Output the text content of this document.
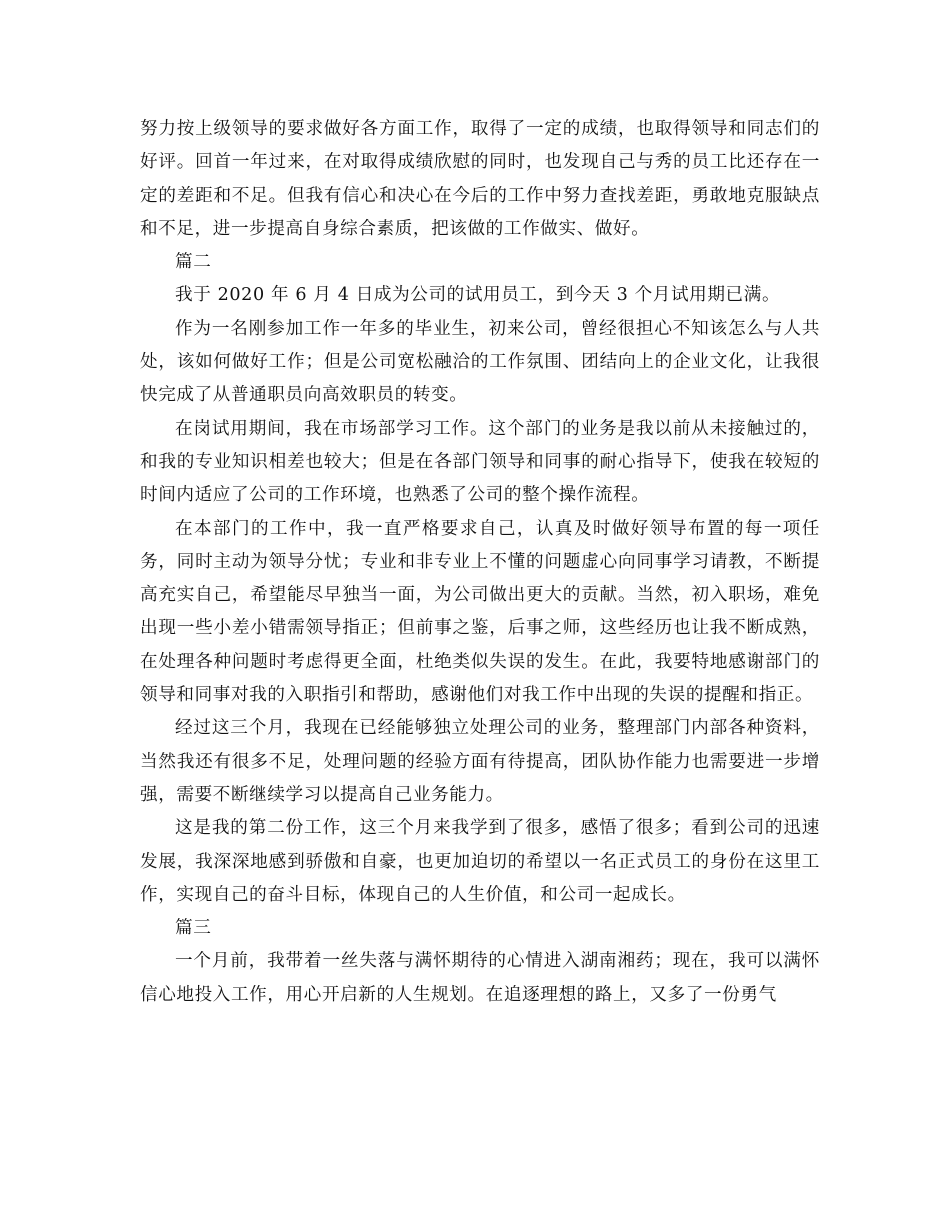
努力按上级领导的要求做好各方面工作，取得了一定的成绩，也取得领导和同志们的好评。回首一年过来，在对取得成绩欣慰的同时，也发现自己与秀的员工比还存在一定的差距和不足。但我有信心和决心在今后的工作中努力查找差距，勇敢地克服缺点和不足，进一步提高自身综合素质，把该做的工作做实、做好。

篇二

我于 2020 年 6 月 4 日成为公司的试用员工，到今天 3 个月试用期已满。

作为一名刚参加工作一年多的毕业生，初来公司，曾经很担心不知该怎么与人共处，该如何做好工作；但是公司宽松融洽的工作氛围、团结向上的企业文化，让我很快完成了从普通职员向高效职员的转变。

在岗试用期间，我在市场部学习工作。这个部门的业务是我以前从未接触过的，和我的专业知识相差也较大；但是在各部门领导和同事的耐心指导下，使我在较短的时间内适应了公司的工作环境，也熟悉了公司的整个操作流程。

在本部门的工作中，我一直严格要求自己，认真及时做好领导布置的每一项任务，同时主动为领导分忧；专业和非专业上不懂的问题虚心向同事学习请教，不断提高充实自己，希望能尽早独当一面，为公司做出更大的贡献。当然，初入职场，难免出现一些小差小错需领导指正；但前事之鉴，后事之师，这些经历也让我不断成熟，在处理各种问题时考虑得更全面，杜绝类似失误的发生。在此，我要特地感谢部门的领导和同事对我的入职指引和帮助，感谢他们对我工作中出现的失误的提醒和指正。

经过这三个月，我现在已经能够独立处理公司的业务，整理部门内部各种资料，当然我还有很多不足，处理问题的经验方面有待提高，团队协作能力也需要进一步增强，需要不断继续学习以提高自己业务能力。

这是我的第二份工作，这三个月来我学到了很多，感悟了很多；看到公司的迅速发展，我深深地感到骄傲和自豪，也更加迫切的希望以一名正式员工的身份在这里工作，实现自己的奋斗目标，体现自己的人生价值，和公司一起成长。

篇三

一个月前，我带着一丝失落与满怀期待的心情进入湖南湘药；现在，我可以满怀信心地投入工作，用心开启新的人生规划。在追逐理想的路上，又多了一份勇气
